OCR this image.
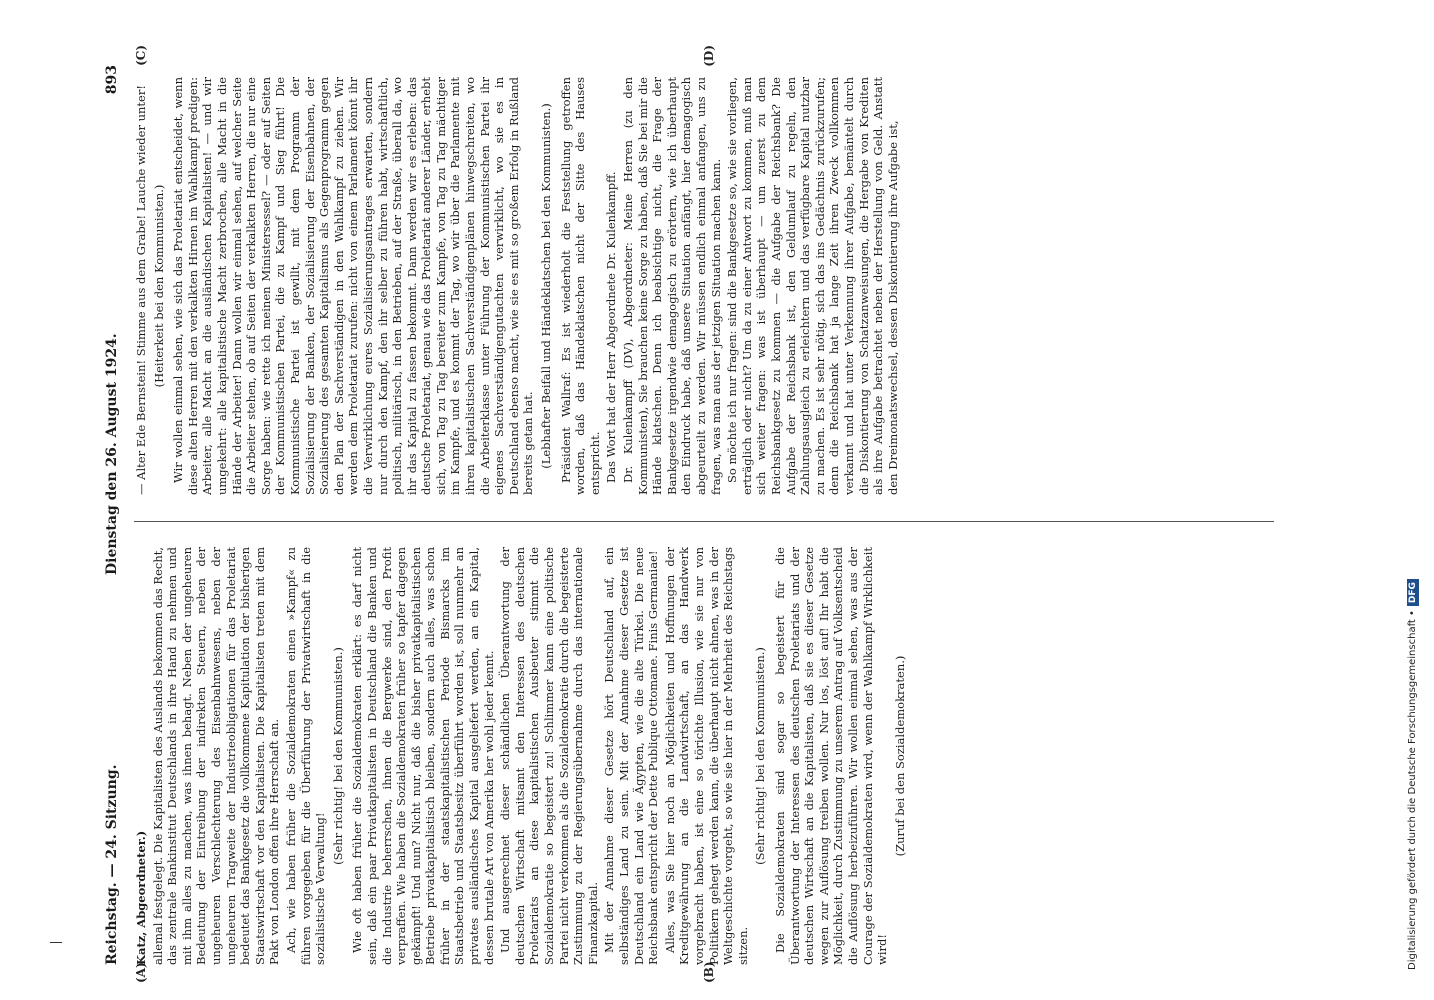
Reichstag. — 24. Sitzung.
Dienstag den 26. August 1924.
893
(A)	(B)
(C)	(D)

Katz, Abgeordneter.) allemal festgelegt. Die Kapitalisten des Auslands bekommen das Recht, das zentrale Bankinstitut Deutschlands in ihre Hand zu nehmen und mit ihm alles zu machen, was ihnen behagt. Neben der ungeheuren Bedeutung der Eintreibung der indirekten Steuern, neben der ungeheuren Verschlechterung des Eisenbahnwesens, neben der ungeheuren Tragweite der Industrieobligationen für das Proletariat bedeutet das Bankgesetz die vollkommene Kapitulation der bisherigen Staatswirtschaft vor den Kapitalisten. Die Kapitalisten treten mit dem Pakt von London offen ihre Herrschaft an. Ach, wie haben früher die Sozialdemokraten einen »Kampf« zu führen vorgegeben für die Überführung der Privatwirtschaft in die sozialistische Verwaltung!

(Sehr richtig! bei den Kommunisten.) Wie oft haben früher die Sozialdemokraten erklärt: es darf nicht sein, daß ein paar Privatkapitalisten in Deutschland die Banken und die Industrie beherrschen, ihnen die Bergwerke sind, den Profit verpraffen. Wie haben die Sozialdemokraten früher so tapfer dagegen gekämpft! Und nun? Nicht nur, daß die bisher privatkapitalistischen Betriebe privatkapitalistisch bleiben, sondern auch alles, was schon früher in der staatskapitalistischen Periode Bismarcks im Staatsbetrieb und Staatsbesitz überführt worden ist, soll nunmehr an privates ausländisches Kapital ausgeliefert werden, an ein Kapital, dessen brutale Art von Amerika her wohl jeder kennt. Und ausgerechnet dieser schändlichen Überantwortung der deutschen Wirtschaft mitsamt den Interessen des deutschen Proletariats an diese kapitalistischen Ausbeuter stimmt die Sozialdemokratie so begeistert zu! Schlimmer kann eine politische Partei nicht verkommen als die Sozialdemokratie durch die begeisterte Zustimmung zu der Regierungsübernahme durch das internationale Finanzkapital. Mit der Annahme dieser Gesetze hört Deutschland auf, ein selbständiges Land zu sein. Mit der Annahme dieser Gesetze ist Deutschland ein Land wie Ägypten, wie die alte Türkei. Die neue Reichsbank entspricht der Dette Publique Ottomane. Finis Germaniae! Alles, was Sie hier noch an Möglichkeiten und Hoffnungen der Kreditgewährung an die Landwirtschaft, an das Handwerk vorgebracht haben, ist eine so törichte Illusion, wie sie nur von Politikern gehegt werden kann, die überhaupt nicht ahnen, was in der Weltgeschichte vorgeht, so wie sie hier in der Mehrheit des Reichstags sitzen.

(Sehr richtig! bei den Kommunisten.) Die Sozialdemokraten sind sogar so begeistert für die Überantwortung der Interessen des deutschen Proletariats und der deutschen Wirtschaft an die Kapitalisten, daß sie es dieser Gesetze wegen zur Auflösung treiben wollen. Nur los, löst auf! Ihr habt die Möglichkeit, durch Zustimmung zu unserem Antrag auf Volksentscheid die Auflösung herbeizuführen. Wir wollen einmal sehen, was aus der Courage der Sozialdemokraten wird, wenn der Wahlkampf Wirklichkeit wird!

(Zuruf bei den Sozialdemokraten.)

— Alter Ede Bernstein! Stimme aus dem Grabe! Lauche wieder unter! (Heiterkeit bei den Kommunisten.) Wir wollen einmal sehen, wie sich das Proletariat entscheidet, wenn diese alten Herren mit den verkalkten Hirnen im Wahlkampf predigen: Arbeiter, alle Macht an die ausländischen Kapitalisten! — und wir umgekehrt: alle kapitalistische Macht zerbrochen, alle Macht in die Hände der Arbeiter! Dann wollen wir einmal sehen, auf welcher Seite die Arbeiter stehen, ob auf Seiten der verkalkten Herren, die nur eine Sorge haben: wie rette ich meinen Ministersessel? — oder auf Seiten der Kommunistischen Partei, die zu Kampf und Sieg führt! Die Kommunistische Partei ist gewillt, mit dem Programm der Sozialisierung der Banken, der Sozialisierung der Eisenbahnen, der Sozialisierung des gesamten Kapitalismus als Gegenprogramm gegen den Plan der Sachverständigen in den Wahlkampf zu ziehen. Wir werden dem Proletariat zurufen: nicht von einem Parlament könnt ihr die Verwirklichung eures Sozialisierungsantrages erwarten, sondern nur durch den Kampf, den ihr selber zu führen habt, wirtschaftlich, politisch, militärisch, in den Betrieben, auf der Straße, überall da, wo ihr das Kapital zu fassen bekommt. Dann werden wir es erleben: das deutsche Proletariat, genau wie das Proletariat anderer Länder, erhebt sich, von Tag zu Tag bereiter zum Kampfe, von Tag zu Tag mächtiger im Kampfe, und es kommt der Tag, wo wir über die Parlamente mit ihren kapitalistischen Sachverständigenplänen hinwegschreiten, wo die Arbeiterklasse unter Führung der Kommunistischen Partei ihr eigenes Sachverständigengutachten verwirklicht, wo sie es in Deutschland ebenso macht, wie sie es mit so großem Erfolg in Rußland bereits getan hat. (Lebhafter Beifall und Händeklatschen bei den Kommunisten.) Präsident Wallraf: Es ist wiederholt die Feststellung getroffen worden, daß das Händeklatschen nicht der Sitte des Hauses entspricht. Das Wort hat der Herr Abgeordnete Dr. Kulenkampff. Dr. Kulenkampff (DV), Abgeordneter: Meine Herren (zu den Kommunisten), Sie brauchen keine Sorge zu haben, daß Sie bei mir die Hände klatschen. Denn ich beabsichtige nicht, die Frage der Bankgesetze irgendwie demagogisch zu erörtern, wie ich überhaupt den Eindruck habe, daß unsere Situation anfängt, hier demagogisch abgeurteilt zu werden. Wir müssen endlich einmal anfangen, uns zu fragen, was man aus der jetzigen Situation machen kann. So möchte ich nur fragen: sind die Bankgesetze so, wie sie vorliegen, erträglich oder nicht? Um da zu einer Antwort zu kommen, muß man sich weiter fragen: was ist überhaupt — um zuerst zu dem Reichsbankgesetz zu kommen — die Aufgabe der Reichsbank? Die Aufgabe der Reichsbank ist, den Geldumlauf zu regeln, den Zahlungsausgleich zu erleichtern und das verfügbare Kapital nutzbar zu machen. Es ist sehr nötig, sich das ins Gedächtnis zurückzurufen; denn die Reichsbank hat ja lange Zeit ihren Zweck vollkommen verkannt und hat unter Verkennung ihrer Aufgabe, bemäntelt durch die Diskontierung von Schatzanweisungen, die Hergabe von Krediten als ihre Aufgabe betrachtet neben der Herstellung von Geld. Anstatt den Dreimonatswechsel, dessen Diskontierung ihre Aufgabe ist,

Digitalisierung gefördert durch die Deutsche Forschungsgemeinschaft •DFG
